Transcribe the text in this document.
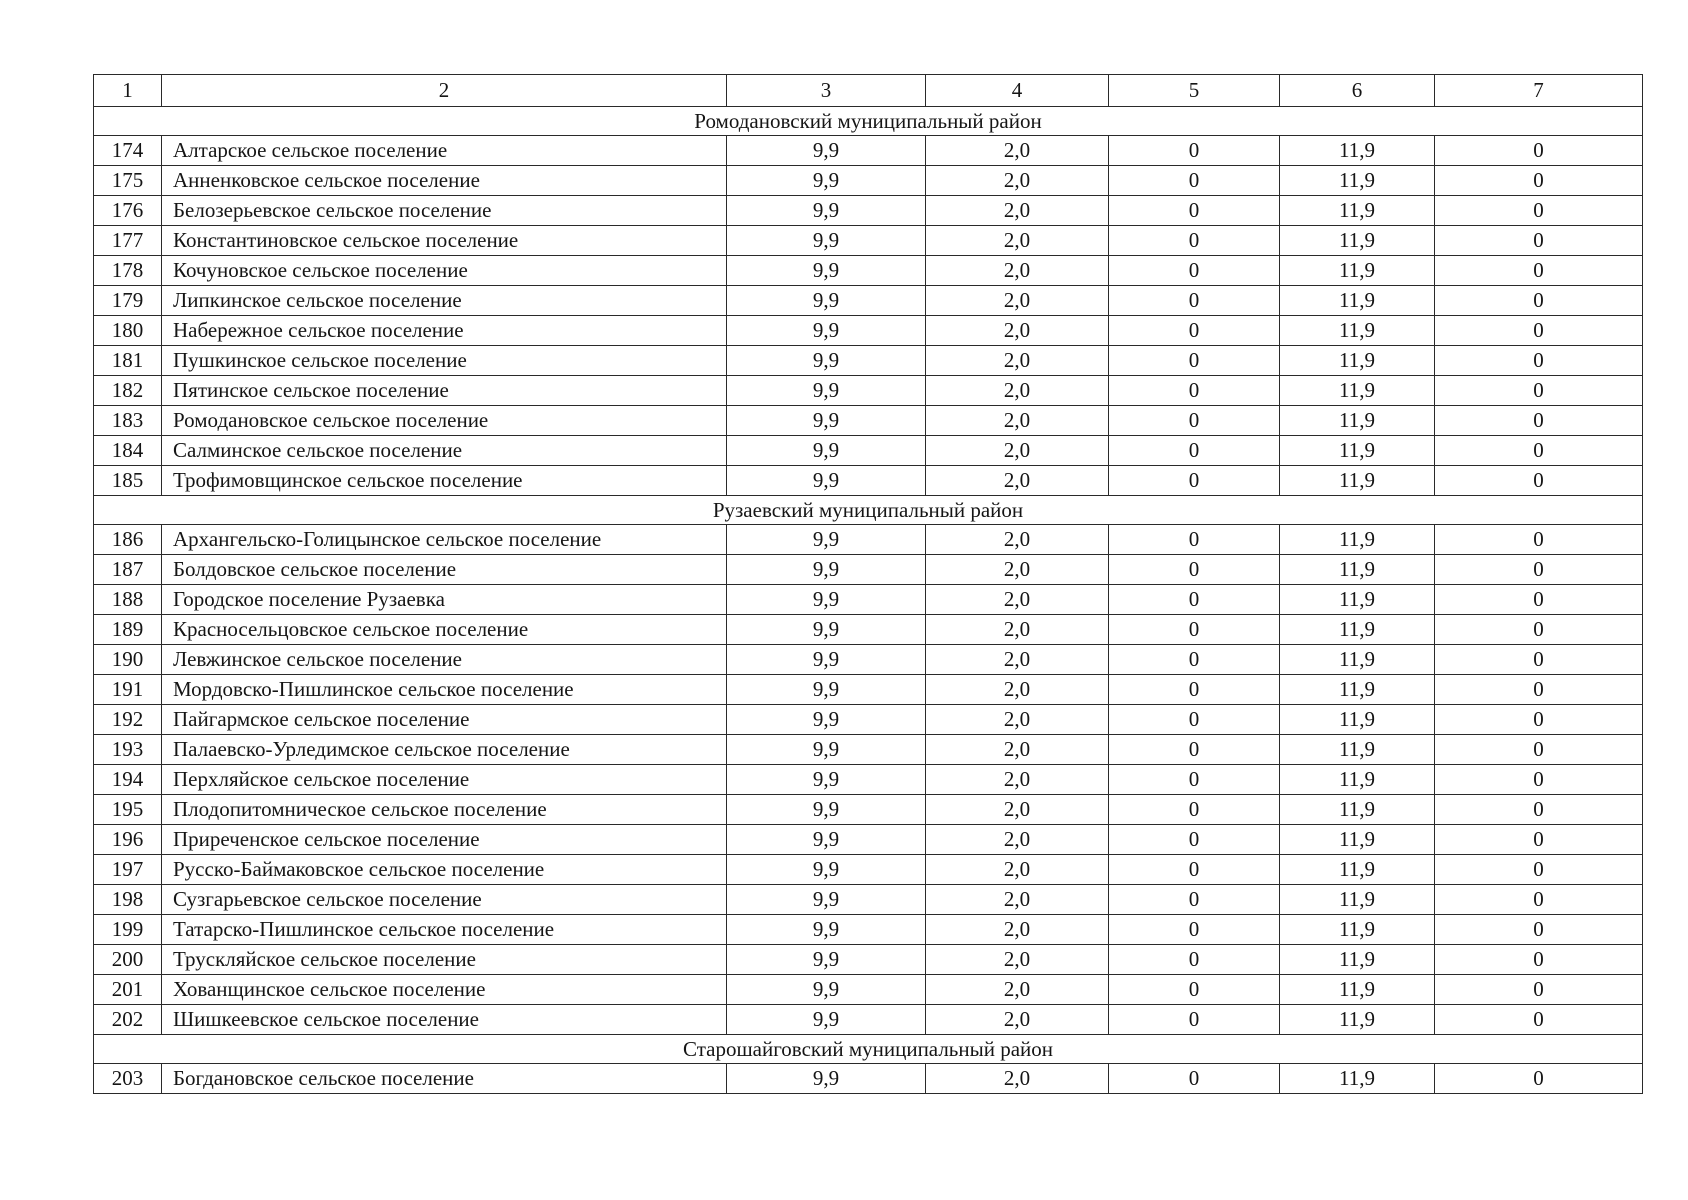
1	2	3	4	5	6	7
Ромодановский муниципальный район						
174	Алтарское сельское поселение	9,9	2,0	0	11,9	0
175	Анненковское сельское поселение	9,9	2,0	0	11,9	0
176	Белозерьевское сельское поселение	9,9	2,0	0	11,9	0
177	Константиновское сельское поселение	9,9	2,0	0	11,9	0
178	Кочуновское сельское поселение	9,9	2,0	0	11,9	0
179	Липкинское сельское поселение	9,9	2,0	0	11,9	0
180	Набережное сельское поселение	9,9	2,0	0	11,9	0
181	Пушкинское сельское поселение	9,9	2,0	0	11,9	0
182	Пятинское сельское поселение	9,9	2,0	0	11,9	0
183	Ромодановское сельское поселение	9,9	2,0	0	11,9	0
184	Салминское сельское поселение	9,9	2,0	0	11,9	0
185	Трофимовщинское сельское поселение	9,9	2,0	0	11,9	0
Рузаевский муниципальный район						
186	Архангельско-Голицынское сельское поселение	9,9	2,0	0	11,9	0
187	Болдовское сельское поселение	9,9	2,0	0	11,9	0
188	Городское поселение Рузаевка	9,9	2,0	0	11,9	0
189	Красносельцовское сельское поселение	9,9	2,0	0	11,9	0
190	Левжинское сельское поселение	9,9	2,0	0	11,9	0
191	Мордовско-Пишлинское сельское поселение	9,9	2,0	0	11,9	0
192	Пайгармское сельское поселение	9,9	2,0	0	11,9	0
193	Палаевско-Урледимское сельское поселение	9,9	2,0	0	11,9	0
194	Перхляйское сельское поселение	9,9	2,0	0	11,9	0
195	Плодопитомническое сельское поселение	9,9	2,0	0	11,9	0
196	Приреченское сельское поселение	9,9	2,0	0	11,9	0
197	Русско-Баймаковское сельское поселение	9,9	2,0	0	11,9	0
198	Сузгарьевское сельское поселение	9,9	2,0	0	11,9	0
199	Татарско-Пишлинское сельское поселение	9,9	2,0	0	11,9	0
200	Трускляйское сельское поселение	9,9	2,0	0	11,9	0
201	Хованщинское сельское поселение	9,9	2,0	0	11,9	0
202	Шишкеевское сельское поселение	9,9	2,0	0	11,9	0
Старошайговский муниципальный район						
203	Богдановское сельское поселение	9,9	2,0	0	11,9	0
